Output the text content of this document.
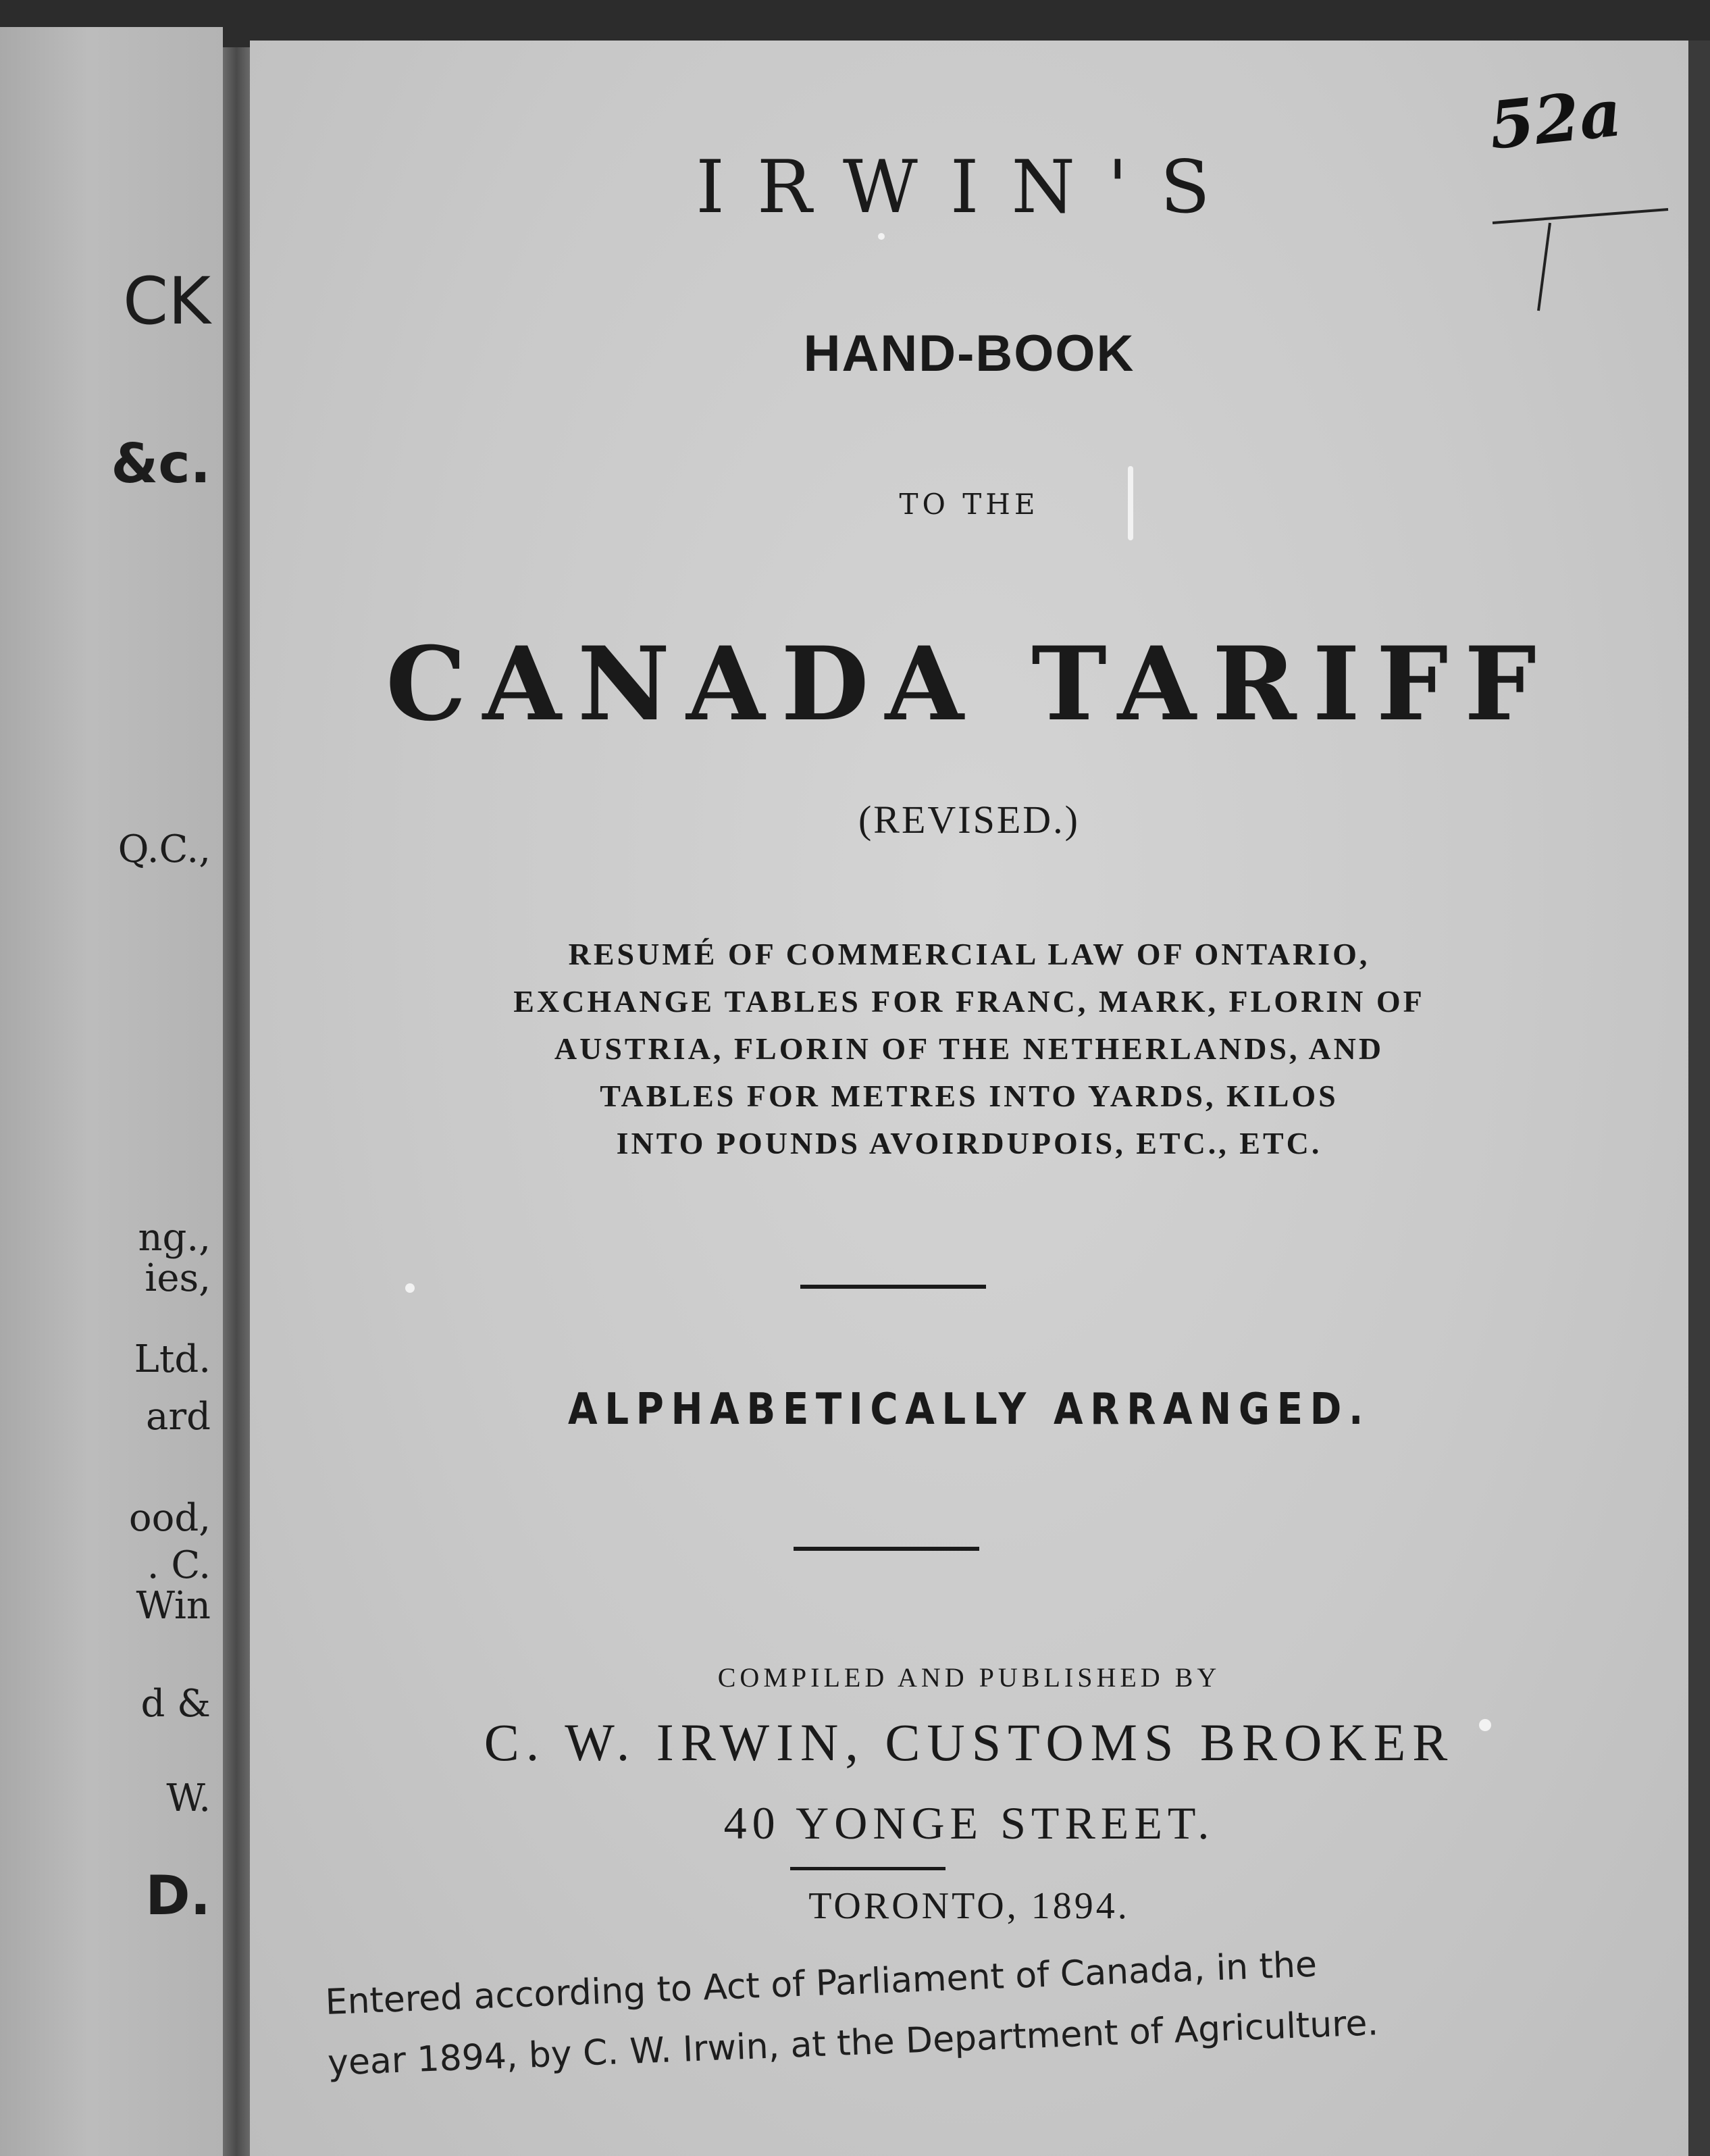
CK
&c.
Q.C.,
ng.,
ies,
Ltd.
ard
ood,
. C.
Win
d &
W.
D.
52a
IRWIN'S
HAND-BOOK
TO THE
CANADA TARIFF
(REVISED.)
RESUMÉ OF COMMERCIAL LAW OF ONTARIO,
EXCHANGE TABLES FOR FRANC, MARK, FLORIN OF
AUSTRIA, FLORIN OF THE NETHERLANDS, AND
TABLES FOR METRES INTO YARDS, KILOS
INTO POUNDS AVOIRDUPOIS, ETC., ETC.
ALPHABETICALLY ARRANGED.
COMPILED AND PUBLISHED BY
C. W. IRWIN, CUSTOMS BROKER
40 YONGE STREET.
TORONTO, 1894.
Entered according to Act of Parliament of Canada, in the
year 1894, by C. W. Irwin, at the Department of Agriculture.
